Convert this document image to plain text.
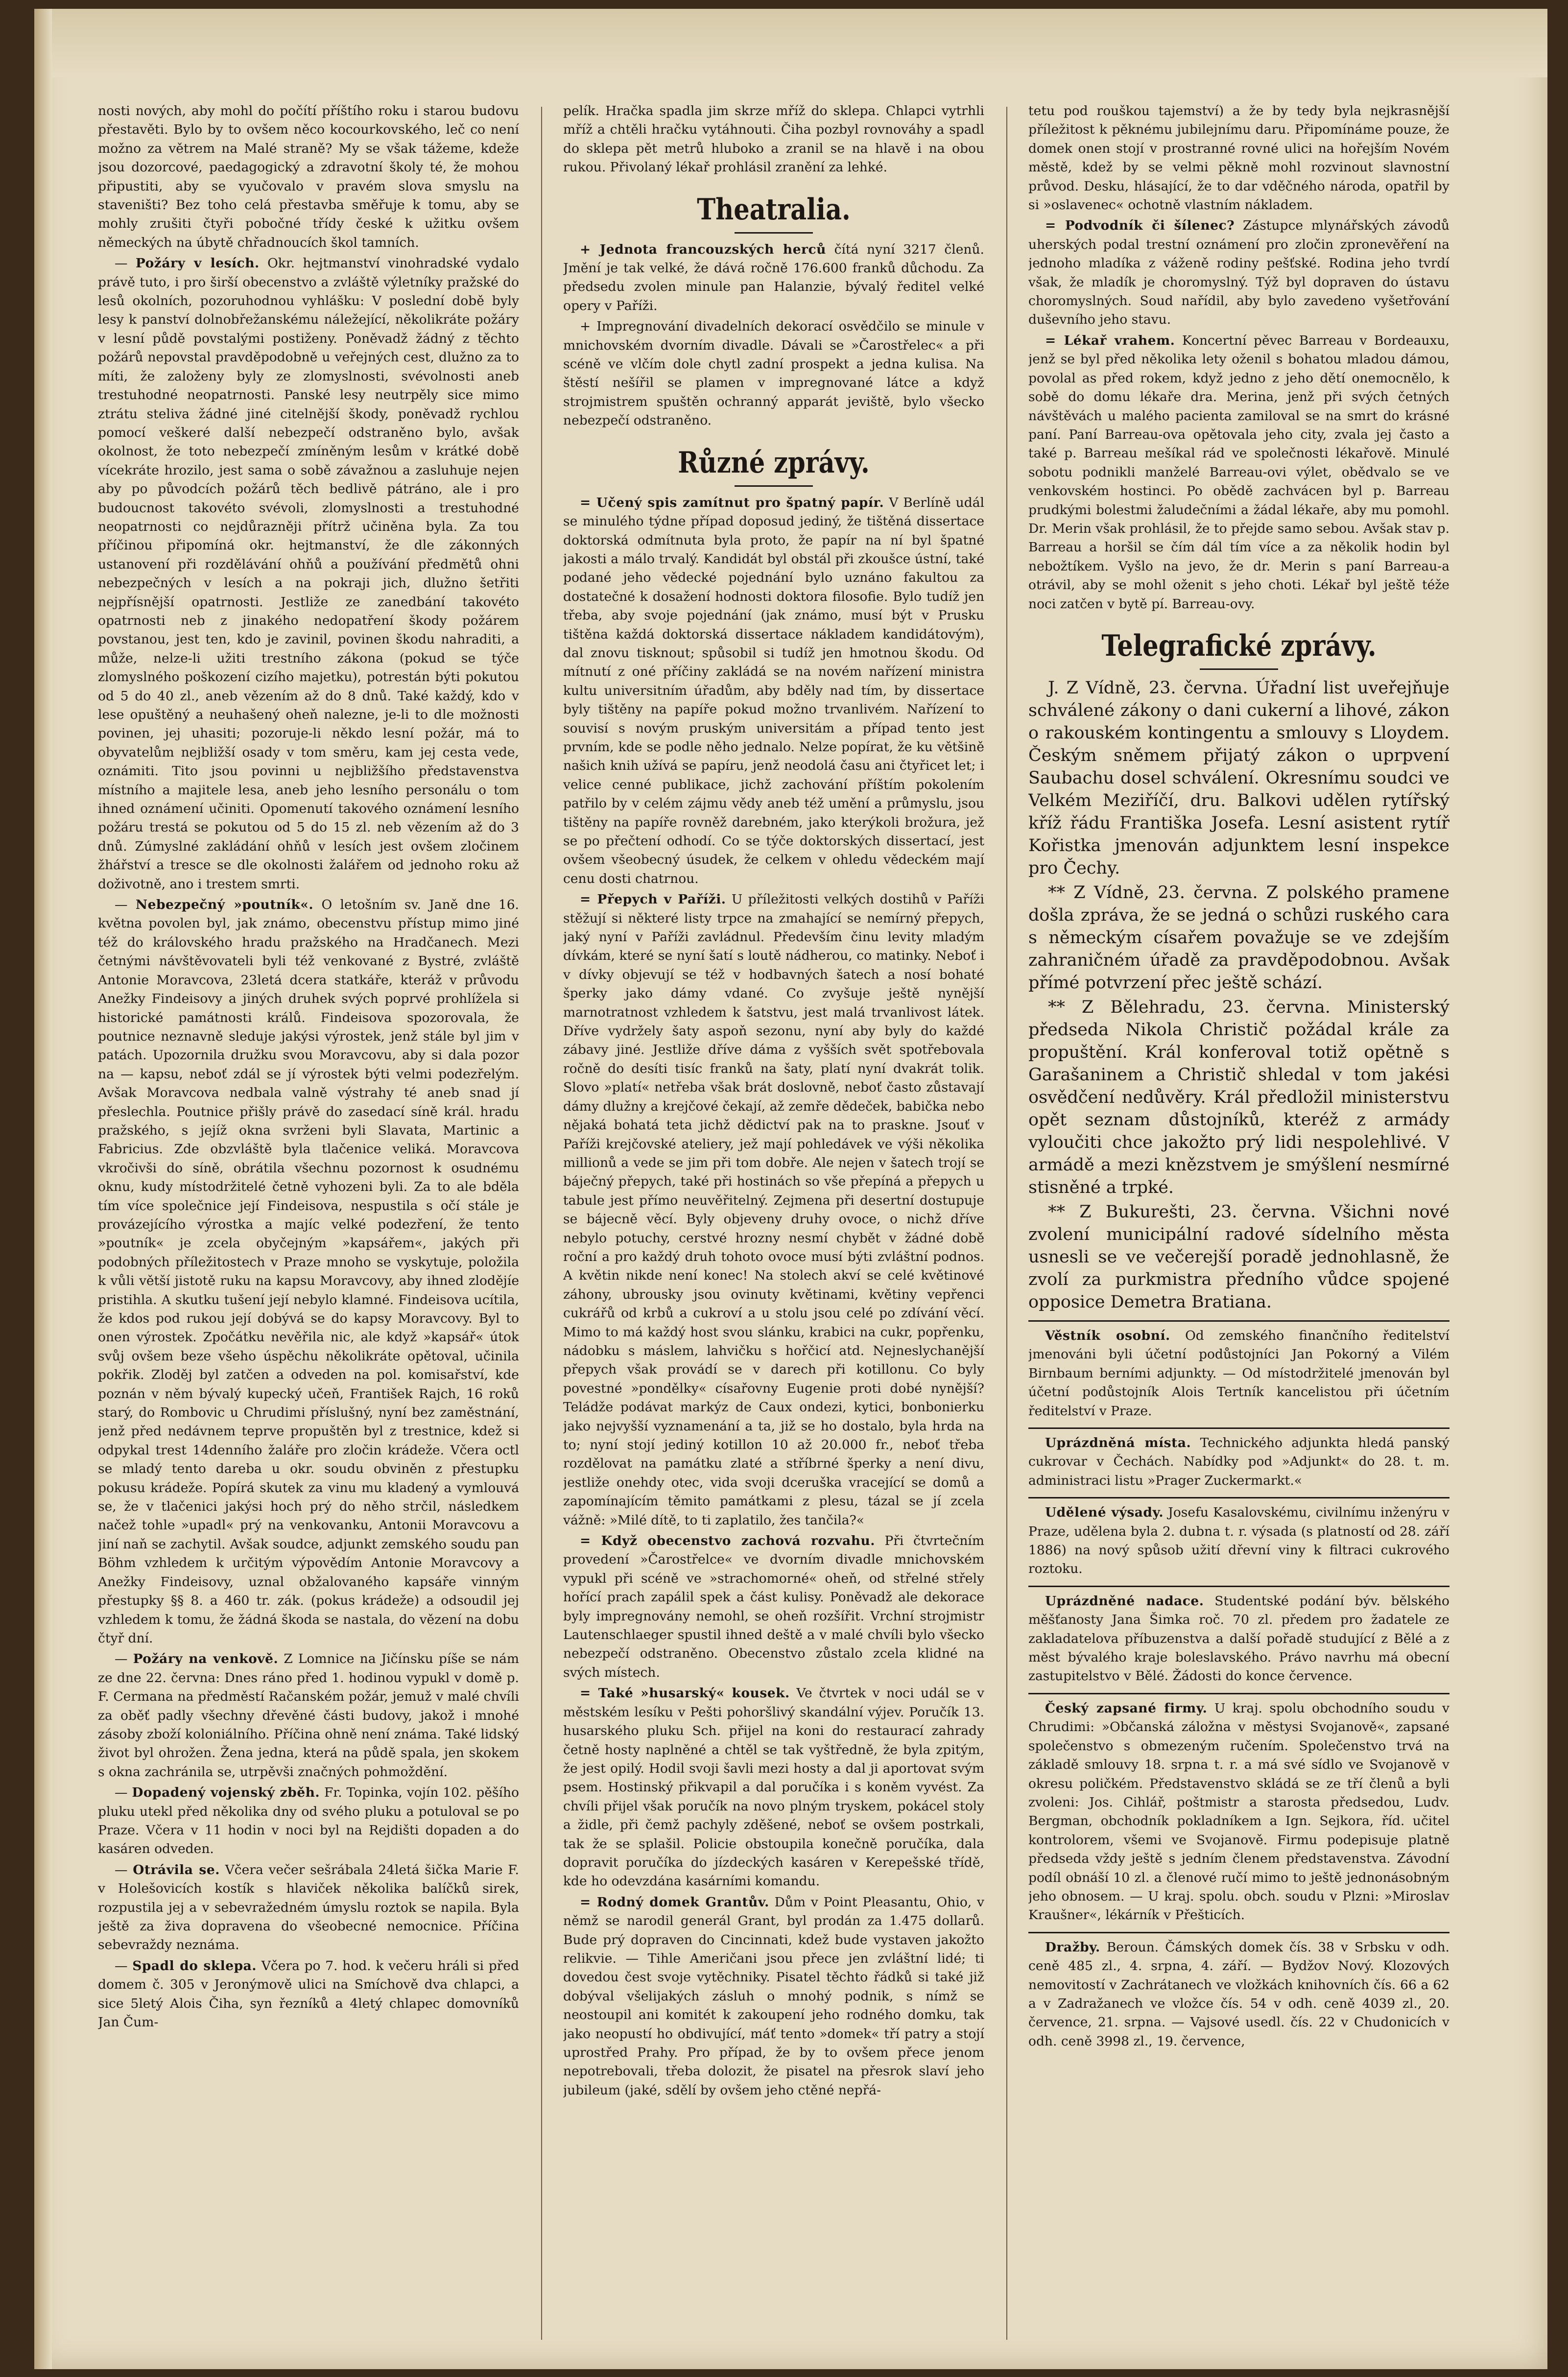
nosti nových, aby mohl do počítí příštího roku i starou budovu přestavěti. Bylo by to ovšem něco kocourkovského, leč co není možno za větrem na Malé straně? My se však tážeme, kdeže jsou dozorcové, paedagogický a zdravotní školy té, že mohou připustiti, aby se vyučovalo v pravém slova smyslu na staveništi? Bez toho celá přestavba směřuje k tomu, aby se mohly zrušiti čtyři pobočné třídy české k užitku ovšem německých na úbytě chřadnoucích škol tamních.

— Požáry v lesích. Okr. hejtmanství vinohradské vydalo právě tuto, i pro širší obecenstvo a zvláště výletníky pražské do lesů okolních, pozoruhodnou vyhlášku: V poslední době byly lesy k panství dolnobřežanskému náležející, několikráte požáry v lesní půdě povstalými postiženy. Poněvadž žádný z těchto požárů nepovstal pravděpodobně u veřejných cest, dlužno za to míti, že založeny byly ze zlomyslnosti, svévolnosti aneb trestuhodné neopatrnosti. Panské lesy neutrpěly sice mimo ztrátu steliva žádné jiné citelnější škody, poněvadž rychlou pomocí veškeré další nebezpečí odstraněno bylo, avšak okolnost, že toto nebezpečí zmíněným lesům v krátké době vícekráte hrozilo, jest sama o sobě závažnou a zasluhuje nejen aby po původcích požárů těch bedlivě pátráno, ale i pro budoucnost takovéto svévoli, zlomyslnosti a trestuhodné neopatrnosti co nejdůrazněji přítrž učiněna byla. Za tou příčinou připomíná okr. hejtmanství, že dle zákonných ustanovení při rozdělávání ohňů a používání předmětů ohni nebezpečných v lesích a na pokraji jich, dlužno šetřiti nejpřísnější opatrnosti. Jestliže ze zanedbání takovéto opatrnosti neb z jinakého nedopatření škody požárem povstanou, jest ten, kdo je zavinil, povinen škodu nahraditi, a může, nelze-li užiti trestního zákona (pokud se týče zlomyslného poškození cizího majetku), potrestán býti pokutou od 5 do 40 zl., aneb vězením až do 8 dnů. Také každý, kdo v lese opuštěný a neuhašený oheň nalezne, je-li to dle možnosti povinen, jej uhasiti; pozoruje-li někdo lesní požár, má to obyvatelům nejbližší osady v tom směru, kam jej cesta vede, oznámiti. Tito jsou povinni u nejbližšího představenstva místního a majitele lesa, aneb jeho lesního personálu o tom ihned oznámení učiniti. Opomenutí takového oznámení lesního požáru trestá se pokutou od 5 do 15 zl. neb vězením až do 3 dnů. Zúmyslné zakládání ohňů v lesích jest ovšem zločinem žhářství a tresce se dle okolnosti žalářem od jednoho roku až doživotně, ano i trestem smrti.

— Nebezpečný »poutník«. O letošním sv. Janě dne 16. května povolen byl, jak známo, obecenstvu přístup mimo jiné též do královského hradu pražského na Hradčanech. Mezi četnými návštěvovateli byli též venkované z Bystré, zvláště Antonie Moravcova, 23letá dcera statkáře, kteráž v průvodu Anežky Findeisovy a jiných druhek svých poprvé prohlížela si historické památnosti králů. Findeisova spozorovala, že poutnice neznavně sleduje jakýsi výrostek, jenž stále byl jim v patách. Upozornila družku svou Moravcovu, aby si dala pozor na — kapsu, neboť zdál se jí výrostek býti velmi podezřelým. Avšak Moravcova nedbala valně výstrahy té aneb snad jí přeslechla. Poutnice přišly právě do zasedací síně král. hradu pražského, s jejíž okna svrženi byli Slavata, Martinic a Fabricius. Zde obzvláště byla tlačenice veliká. Moravcova vkročivši do síně, obrátila všechnu pozornost k osudnému oknu, kudy místodržitelé četně vyhozeni byli. Za to ale bděla tím více společnice její Findeisova, nespustila s očí stále je provázejícího výrostka a majíc velké podezření, že tento »poutník« je zcela obyčejným »kapsářem«, jakých při podobných příležitostech v Praze mnoho se vyskytuje, položila k vůli větší jistotě ruku na kapsu Moravcovy, aby ihned zlodějíe pristihla. A skutku tušení její nebylo klamné. Findeisova ucítila, že kdos pod rukou její dobývá se do kapsy Moravcovy. Byl to onen výrostek. Zpočátku nevěřila nic, ale když »kapsář« útok svůj ovšem beze všeho úspěchu několikráte opětoval, učinila pokřik. Zloděj byl zatčen a odveden na pol. komisařství, kde poznán v něm bývalý kupecký učeň, František Rajch, 16 roků starý, do Rombovic u Chrudimi příslušný, nyní bez zaměstnání, jenž před nedávnem teprve propuštěn byl z trestnice, kdež si odpykal trest 14denního žaláře pro zločin krádeže. Včera octl se mladý tento dareba u okr. soudu obviněn z přestupku pokusu krádeže. Popírá skutek za vinu mu kladený a vymlouvá se, že v tlačenici jakýsi hoch prý do něho strčil, následkem načež tohle »upadl« prý na venkovanku, Antonii Moravcovu a jiní naň se zachytil. Avšak soudce, adjunkt zemského soudu pan Böhm vzhledem k určitým výpovědím Antonie Moravcovy a Anežky Findeisovy, uznal obžalovaného kapsáře vinným přestupky §§ 8. a 460 tr. zák. (pokus krádeže) a odsoudil jej vzhledem k tomu, že žádná škoda se nastala, do vězení na dobu čtyř dní.

— Požáry na venkově. Z Lomnice na Jičínsku píše se nám ze dne 22. června: Dnes ráno před 1. hodinou vypukl v domě p. F. Cermana na předměstí Račanském požár, jemuž v malé chvíli za oběť padly všechny dřevěné části budovy, jakož i mnohé zásoby zboží koloniálního. Příčina ohně není známa. Také lidský život byl ohrožen. Žena jedna, která na půdě spala, jen skokem s okna zachránila se, utrpěvši značných pohmoždění.

— Dopadený vojenský zběh. Fr. Topinka, vojín 102. pěšího pluku utekl před několika dny od svého pluku a potuloval se po Praze. Včera v 11 hodin v noci byl na Rejdišti dopaden a do kasáren odveden.

— Otrávila se. Včera večer sešrábala 24letá šička Marie F. v Holešovicích kostík s hlaviček několika balíčků sirek, rozpustila jej a v sebevražedném úmyslu roztok se napila. Byla ještě za živa dopravena do všeobecné nemocnice. Příčina sebevraždy neznáma.

— Spadl do sklepa. Včera po 7. hod. k večeru hráli si před domem č. 305 v Jeronýmově ulici na Smíchově dva chlapci, a sice 5letý Alois Čiha, syn řezníků a 4letý chlapec domovníků Jan Čum-

pelík. Hračka spadla jim skrze mříž do sklepa. Chlapci vytrhli mříž a chtěli hračku vytáhnouti. Čiha pozbyl rovnováhy a spadl do sklepa pět metrů hluboko a zranil se na hlavě i na obou rukou. Přivolaný lékař prohlásil zranění za lehké.

Theatralia.

+ Jednota francouzských herců čítá nyní 3217 členů. Jmění je tak velké, že dává ročně 176.600 franků důchodu. Za předsedu zvolen minule pan Halanzie, bývalý ředitel velké opery v Paříži.

+ Impregnování divadelních dekorací osvědčilo se minule v mnichovském dvorním divadle. Dávali se »Čarostřelec« a při scéně ve vlčím dole chytl zadní prospekt a jedna kulisa. Na štěstí nešířil se plamen v impregnované látce a když strojmistrem spuštěn ochranný apparát jeviště, bylo všecko nebezpečí odstraněno.

Různé zprávy.

= Učený spis zamítnut pro špatný papír. V Berlíně udál se minulého týdne případ doposud jediný, že tištěná dissertace doktorská odmítnuta byla proto, že papír na ní byl špatné jakosti a málo trvalý. Kandidát byl obstál při zkoušce ústní, také podané jeho vědecké pojednání bylo uznáno fakultou za dostatečné k dosažení hodnosti doktora filosofie. Bylo tudíž jen třeba, aby svoje pojednání (jak známo, musí být v Prusku tištěna každá doktorská dissertace nákladem kandidátovým), dal znovu tisknout; spůsobil si tudíž jen hmotnou škodu. Od mítnutí z oné příčiny zakládá se na novém nařízení ministra kultu universitním úřadům, aby bděly nad tím, by dissertace byly tištěny na papíře pokud možno trvanlivém. Nařízení to souvisí s novým pruským universitám a případ tento jest prvním, kde se podle něho jednalo. Nelze popírat, že ku většině našich knih užívá se papíru, jenž neodolá času ani čtyřicet let; i velice cenné publikace, jichž zachování příštím pokolením patřilo by v celém zájmu vědy aneb též umění a průmyslu, jsou tištěny na papíře rovněž darebném, jako kterýkoli brožura, jež se po přečtení odhodí. Co se týče doktorských dissertací, jest ovšem všeobecný úsudek, že celkem v ohledu vědeckém mají cenu dosti chatrnou.

= Přepych v Paříži. U příležitosti velkých dostihů v Paříži stěžují si některé listy trpce na zmahající se nemírný přepych, jaký nyní v Paříži zavládnul. Především činu levity mladým dívkám, které se nyní šatí s loutě nádherou, co matinky. Neboť i v dívky objevují se též v hodbavných šatech a nosí bohaté šperky jako dámy vdané. Co zvyšuje ještě nynější marnotratnost vzhledem k šatstvu, jest malá trvanlivost látek. Dříve vydržely šaty aspoň sezonu, nyní aby byly do každé zábavy jiné. Jestliže dříve dáma z vyšších svět spotřebovala ročně do desíti tisíc franků na šaty, platí nyní dvakrát tolik. Slovo »platí« netřeba však brát doslovně, neboť často zůstavají dámy dlužny a krejčové čekají, až zemře dědeček, babička nebo nějaká bohatá teta jichž dědictví pak na to praskne. Jsouť v Paříži krejčovské ateliery, jež mají pohledávek ve výši několika millionů a vede se jim při tom dobře. Ale nejen v šatech trojí se báječný přepych, také při hostinách so vše přepíná a přepych u tabule jest přímo neuvěřitelný. Zejmena při desertní dostupuje se bájecně věcí. Byly objeveny druhy ovoce, o nichž dříve nebylo potuchy, cerstvé hrozny nesmí chybět v žádné době roční a pro každý druh tohoto ovoce musí býti zvláštní podnos. A květin nikde není konec! Na stolech akví se celé květinové záhony, ubrousky jsou ovinuty květinami, květiny vepřenci cukrářů od krbů a cukroví a u stolu jsou celé po zdívání věcí. Mimo to má každý host svou slánku, krabici na cukr, popřenku, nádobku s máslem, lahvičku s hořčicí atd. Nejneslychanější přepych však provádí se v darech při kotillonu. Co byly povestné »pondělky« císařovny Eugenie proti dobé nynější? Teládže podávat markýz de Caux ondezi, kytici, bonbonierku jako nejvyšší vyznamenání a ta, již se ho dostalo, byla hrda na to; nyní stojí jediný kotillon 10 až 20.000 fr., neboť třeba rozdělovat na památku zlaté a stříbrné šperky a není divu, jestliže onehdy otec, vida svoji dceruška vracející se domů a zapomínajícím těmito památkami z plesu, tázal se jí zcela vážně: »Milé dítě, to ti zaplatilo, žes tančila?«

= Když obecenstvo zachová rozvahu. Při čtvrtečním provedení »Čarostřelce« ve dvorním divadle mnichovském vypukl při scéně ve »strachomorné« oheň, od střelné střely hořící prach zapálil spek a část kulisy. Poněvadž ale dekorace byly impregnovány nemohl, se oheň rozšířit. Vrchní strojmistr Lautenschlaeger spustil ihned deště a v malé chvíli bylo všecko nebezpečí odstraněno. Obecenstvo zůstalo zcela klidné na svých místech.

= Také »husarský« kousek. Ve čtvrtek v noci udál se v městském lesíku v Pešti pohoršlivý skandální výjev. Poručík 13. husarského pluku Sch. přijel na koni do restaurací zahrady četně hosty naplněné a chtěl se tak vyštředně, že byla zpitým, že jest opilý. Hodil svoji šavli mezi hosty a dal ji aportovat svým psem. Hostinský přikvapil a dal poručíka i s koněm vyvést. Za chvíli přijel však poručík na novo plným tryskem, pokácel stoly a židle, při čemž pachyly zděšené, neboť se ovšem postrkali, tak že se splašil. Policie obstoupila konečně poručíka, dala dopravit poručíka do jízdeckých kasáren v Kerepešské třídě, kde ho odevzdána kasárními komandu.

= Rodný domek Grantův. Dům v Point Pleasantu, Ohio, v němž se narodil generál Grant, byl prodán za 1.475 dollarů. Bude prý dopraven do Cincinnati, kdež bude vystaven jakožto relikvie. — Tihle Američani jsou přece jen zvláštní lidé; ti dovedou čest svoje vytěchniky. Pisatel těchto řádků si také již dobýval všelijakých zásluh o mnohý podnik, s nímž se neostoupil ani komitét k zakoupení jeho rodného domku, tak jako neopustí ho obdivující, máť tento »domek« tří patry a stojí uprostřed Prahy. Pro případ, že by to ovšem přece jenom nepotrebovali, třeba dolozit, že pisatel na přesrok slaví jeho jubileum (jaké, sdělí by ovšem jeho ctěné nepřá-

tetu pod rouškou tajemství) a že by tedy byla nejkrasnější příležitost k pěknému jubilejnímu daru. Připomínáme pouze, že domek onen stojí v prostranné rovné ulici na hořejším Novém městě, kdež by se velmi pěkně mohl rozvinout slavnostní průvod. Desku, hlásající, že to dar vděčného národa, opatřil by si »oslavenec« ochotně vlastním nákladem.

= Podvodník či šílenec? Zástupce mlynářských závodů uherských podal trestní oznámení pro zločin zpronevěření na jednoho mladíka z váženě rodiny pešťské. Rodina jeho tvrdí však, že mladík je choromyslný. Týž byl dopraven do ústavu choromyslných. Soud nařídil, aby bylo zavedeno vyšetřování duševního jeho stavu.

= Lékař vrahem. Koncertní pěvec Barreau v Bordeauxu, jenž se byl před několika lety oženil s bohatou mladou dámou, povolal as před rokem, když jedno z jeho dětí onemocnělo, k sobě do domu lékaře dra. Merina, jenž při svých četných návštěvách u malého pacienta zamiloval se na smrt do krásné paní. Paní Barreau-ova opětovala jeho city, zvala jej často a také p. Barreau mešíkal rád ve společnosti lékařově. Minulé sobotu podnikli manželé Barreau-ovi výlet, obědvalo se ve venkovském hostinci. Po obědě zachvácen byl p. Barreau prudkými bolestmi žaludečními a žádal lékaře, aby mu pomohl. Dr. Merin však prohlásil, že to přejde samo sebou. Avšak stav p. Barreau a horšil se čím dál tím více a za několik hodin byl nebožtíkem. Vyšlo na jevo, že dr. Merin s paní Barreau-a otrávil, aby se mohl oženit s jeho choti. Lékař byl ještě téže noci zatčen v bytě pí. Barreau-ovy.

Telegrafické zprávy.

J. Z Vídně, 23. června. Úřadní list uveřejňuje schválené zákony o dani cukerní a lihové, zákon o rakouském kontingentu a smlouvy s Lloydem. Českým sněmem přijatý zákon o uprpvení Saubachu dosel schválení. Okresnímu soudci ve Velkém Meziříčí, dru. Balkovi udělen rytířský kříž řádu Františka Josefa. Lesní asistent rytíř Kořistka jmenován adjunktem lesní inspekce pro Čechy.

** Z Vídně, 23. června. Z polského pramene došla zpráva, že se jedná o schůzi ruského cara s německým císařem považuje se ve zdejším zahraničném úřadě za pravděpodobnou. Avšak přímé potvrzení přec ještě schází.

** Z Bělehradu, 23. června. Ministerský předseda Nikola Christič požádal krále za propuštění. Král konferoval totiž opětně s Garašaninem a Christič shledal v tom jakési osvědčení nedůvěry. Král předložil ministerstvu opět seznam důstojníků, kteréž z armády vyloučiti chce jakožto prý lidi nespolehlivé. V armádě a mezi knězstvem je smýšlení nesmírné stisněné a trpké.

** Z Bukurešti, 23. června. Všichni nové zvolení municipální radové sídelního města usnesli se ve večerejší poradě jednohlasně, že zvolí za purkmistra předního vůdce spojené opposice Demetra Bratiana.

Věstník osobní. Od zemského finančního ředitelství jmenováni byli účetní podůstojníci Jan Pokorný a Vilém Birnbaum berními adjunkty. — Od místodržitelé jmenován byl účetní podůstojník Alois Tertník kancelistou při účetním ředitelství v Praze.

Uprázdněná místa. Technického adjunkta hledá panský cukrovar v Čechách. Nabídky pod »Adjunkt« do 28. t. m. administraci listu »Prager Zuckermarkt.«

Udělené výsady. Josefu Kasalovskému, civilnímu inženýru v Praze, udělena byla 2. dubna t. r. výsada (s platností od 28. září 1886) na nový spůsob užití dřevní viny k filtraci cukrového roztoku.

Uprázdněné nadace. Studentské podání býv. bělského měšťanosty Jana Šimka roč. 70 zl. předem pro žadatele ze zakladatelova příbuzenstva a další pořadě studující z Bělé a z měst bývalého kraje boleslavského. Právo navrhu má obecní zastupitelstvo v Bělé. Žádosti do konce července.

Český zapsané firmy. U kraj. spolu obchodního soudu v Chrudimi: »Občanská záložna v městysi Svojanově«, zapsané společenstvo s obmezeným ručením. Společenstvo trvá na základě smlouvy 18. srpna t. r. a má své sídlo ve Svojanově v okresu poličkém. Představenstvo skládá se ze tří členů a byli zvoleni: Jos. Cihlář, poštmistr a starosta předsedou, Ludv. Bergman, obchodník pokladníkem a Ign. Sejkora, říd. učitel kontrolorem, všemi ve Svojanově. Firmu podepisuje platně předseda vždy ještě s jedním členem představenstva. Závodní podíl obnáší 10 zl. a členové ručí mimo to ještě jednonásobným jeho obnosem. — U kraj. spolu. obch. soudu v Plzni: »Miroslav Kraušner«, lékárník v Přešticích.

Dražby. Beroun. Čámských domek čís. 38 v Srbsku v odh. ceně 485 zl., 4. srpna, 4. září. — Bydžov Nový. Klozových nemovitostí v Zachrátanech ve vložkách knihovních čís. 66 a 62 a v Zadražanech ve vložce čís. 54 v odh. ceně 4039 zl., 20. července, 21. srpna. — Vajsové usedl. čís. 22 v Chudonicích v odh. ceně 3998 zl., 19. července,
